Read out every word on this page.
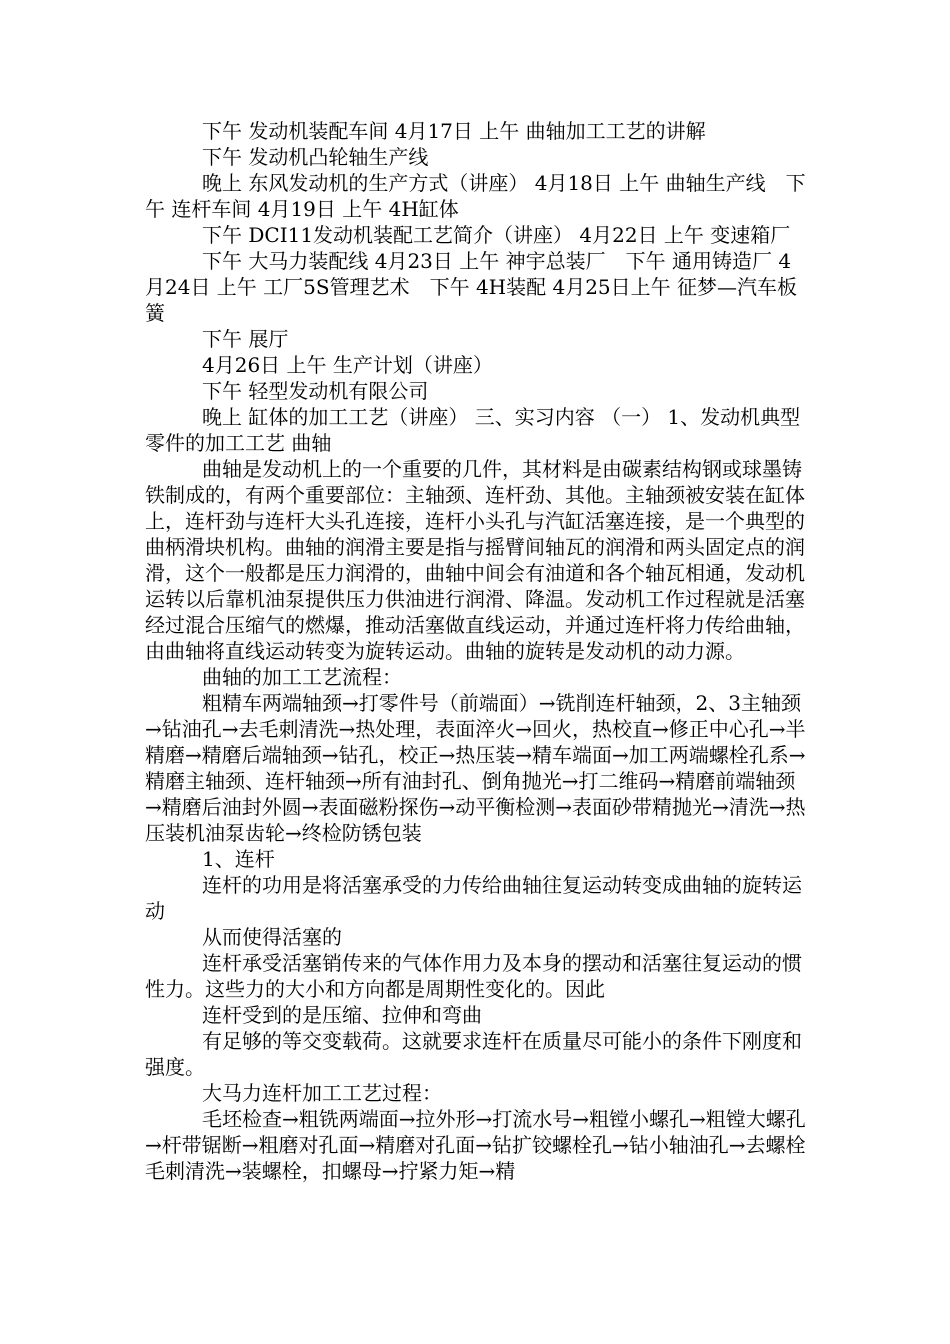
下午 发动机装配车间 4月17日 上午 曲轴加工工艺的讲解

下午 发动机凸轮轴生产线

晚上 东风发动机的生产方式（讲座） 4月18日 上午 曲轴生产线　下午 连杆车间 4月19日 上午 4H缸体

下午 DCI11发动机装配工艺简介（讲座） 4月22日 上午 变速箱厂

下午 大马力装配线 4月23日 上午 神宇总装厂　下午 通用铸造厂 4月24日 上午 工厂5S管理艺术　下午 4H装配 4月25日上午 征梦—汽车板簧

下午 展厅

4月26日 上午 生产计划（讲座）

下午 轻型发动机有限公司

晚上 缸体的加工工艺（讲座） 三、实习内容 （一） 1、发动机典型零件的加工工艺 曲轴

曲轴是发动机上的一个重要的几件，其材料是由碳素结构钢或球墨铸铁制成的，有两个重要部位：主轴颈、连杆劲、其他。主轴颈被安装在缸体上，连杆劲与连杆大头孔连接，连杆小头孔与汽缸活塞连接，是一个典型的曲柄滑块机构。曲轴的润滑主要是指与摇臂间轴瓦的润滑和两头固定点的润滑，这个一般都是压力润滑的，曲轴中间会有油道和各个轴瓦相通，发动机运转以后靠机油泵提供压力供油进行润滑、降温。发动机工作过程就是活塞经过混合压缩气的燃爆，推动活塞做直线运动，并通过连杆将力传给曲轴，由曲轴将直线运动转变为旋转运动。曲轴的旋转是发动机的动力源。

曲轴的加工工艺流程：

粗精车两端轴颈→打零件号（前端面）→铣削连杆轴颈，2、3主轴颈→钻油孔→去毛刺清洗→热处理，表面淬火→回火，热校直→修正中心孔→半精磨→精磨后端轴颈→钻孔，校正→热压装→精车端面→加工两端螺栓孔系→精磨主轴颈、连杆轴颈→所有油封孔、倒角抛光→打二维码→精磨前端轴颈→精磨后油封外圆→表面磁粉探伤→动平衡检测→表面砂带精抛光→清洗→热压装机油泵齿轮→终检防锈包装

1、连杆

连杆的功用是将活塞承受的力传给曲轴往复运动转变成曲轴的旋转运动

从而使得活塞的

连杆承受活塞销传来的气体作用力及本身的摆动和活塞往复运动的惯性力。这些力的大小和方向都是周期性变化的。因此

连杆受到的是压缩、拉伸和弯曲

有足够的等交变载荷。这就要求连杆在质量尽可能小的条件下刚度和强度。

大马力连杆加工工艺过程：

毛坯检查→粗铣两端面→拉外形→打流水号→粗镗小螺孔→粗镗大螺孔→杆带锯断→粗磨对孔面→精磨对孔面→钻扩铰螺栓孔→钻小轴油孔→去螺栓毛刺清洗→装螺栓，扣螺母→拧紧力矩→精
